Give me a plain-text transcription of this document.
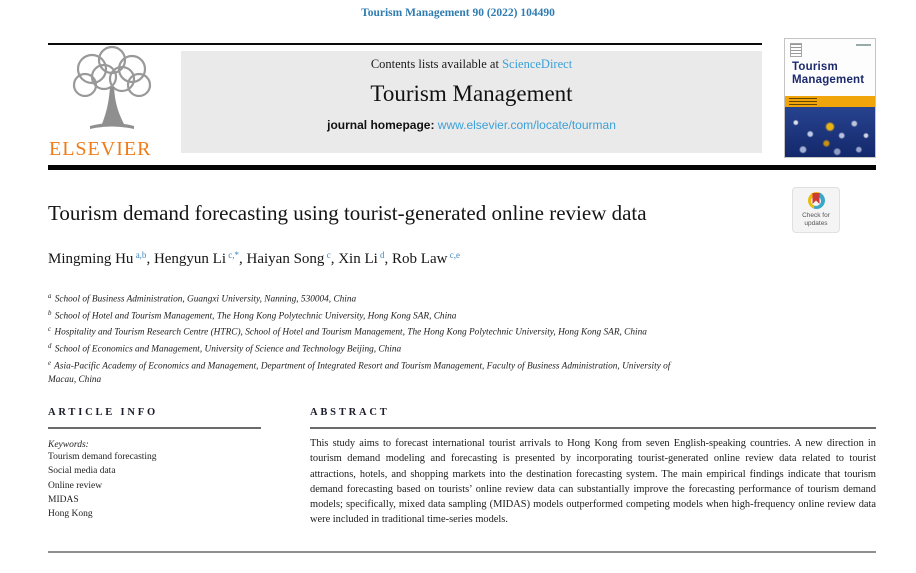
Tourism Management 90 (2022) 104490
ELSEVIER
Contents lists available at ScienceDirect
Tourism Management
journal homepage: www.elsevier.com/locate/tourman
Tourism
Management
Check for
updates
Tourism demand forecasting using tourist-generated online review data
Mingming Hu $^{a,b}$, Hengyun Li $^{c,*}$, Haiyan Song $^c$, Xin Li $^d$, Rob Law $^{c,e}$
$^a$ School of Business Administration, Guangxi University, Nanning, 530004, China
$^b$ School of Hotel and Tourism Management, The Hong Kong Polytechnic University, Hong Kong SAR, China
$^c$ Hospitality and Tourism Research Centre (HTRC), School of Hotel and Tourism Management, The Hong Kong Polytechnic University, Hong Kong SAR, China
$^d$ School of Economics and Management, University of Science and Technology Beijing, China
$^e$ Asia-Pacific Academy of Economics and Management, Department of Integrated Resort and Tourism Management, Faculty of Business Administration, University of
Macau, China
ARTICLE INFO
Keywords:
Tourism demand forecasting
Social media data
Online review
MIDAS
Hong Kong
ABSTRACT
This study aims to forecast international tourist arrivals to Hong Kong from seven English-speaking countries. A new direction in tourism demand modeling and forecasting is presented by incorporating tourist-generated online review data related to tourist attractions, hotels, and shopping markets into the destination forecasting system. The main empirical findings indicate that tourism demand forecasting based on tourists’ online review data can substantially improve the forecasting performance of tourism demand models; specifically, mixed data sampling (MIDAS) models outperformed competing models when high-frequency online review data were included in traditional time-series models.
